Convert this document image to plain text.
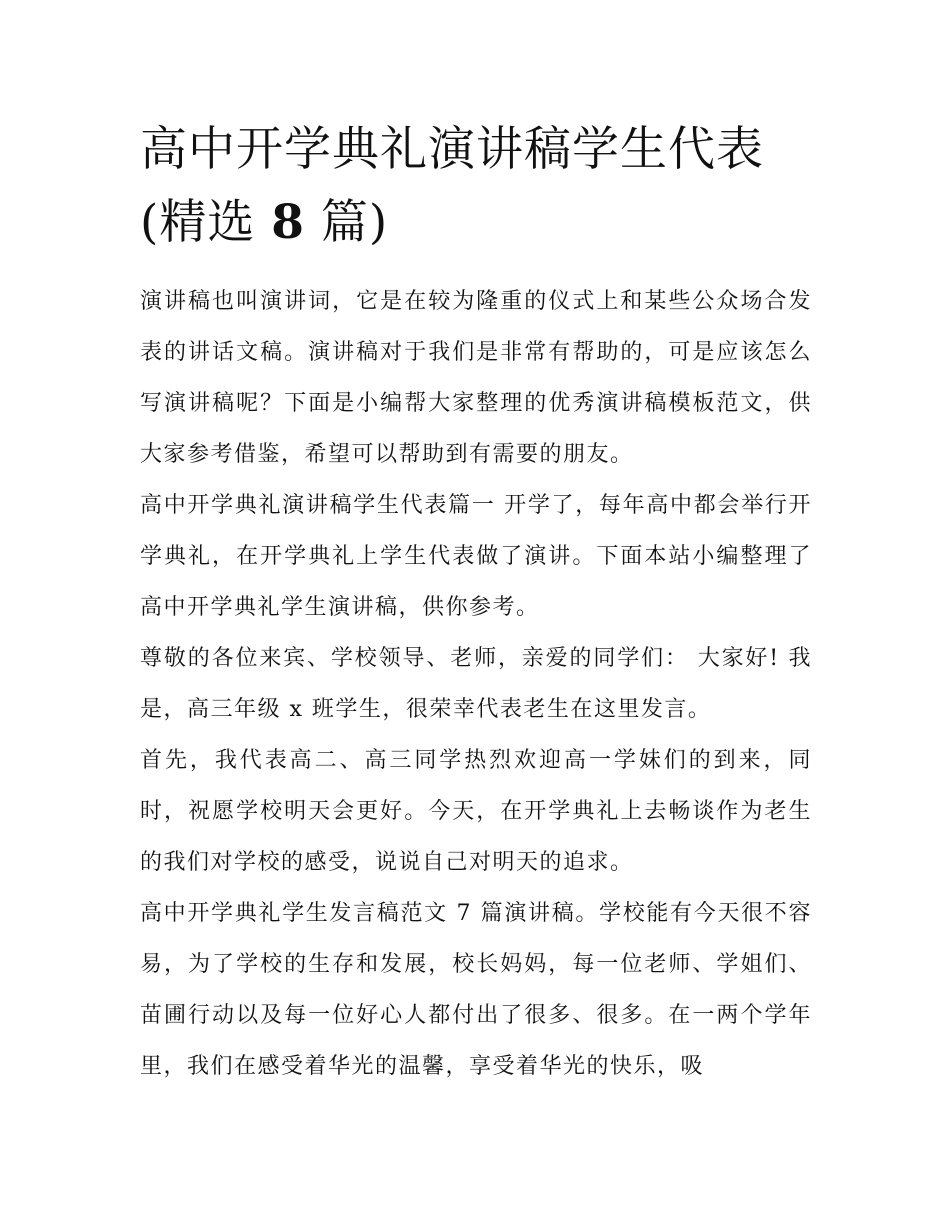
高中开学典礼演讲稿学生代表
(精选 8 篇)

演讲稿也叫演讲词，它是在较为隆重的仪式上和某些公众场合发表的讲话文稿。演讲稿对于我们是非常有帮助的，可是应该怎么写演讲稿呢？下面是小编帮大家整理的优秀演讲稿模板范文，供大家参考借鉴，希望可以帮助到有需要的朋友。

高中开学典礼演讲稿学生代表篇一 开学了，每年高中都会举行开学典礼，在开学典礼上学生代表做了演讲。下面本站小编整理了高中开学典礼学生演讲稿，供你参考。

尊敬的各位来宾、学校领导、老师，亲爱的同学们： 大家好! 我是，高三年级 x 班学生，很荣幸代表老生在这里发言。

首先，我代表高二、高三同学热烈欢迎高一学妹们的到来，同时，祝愿学校明天会更好。今天，在开学典礼上去畅谈作为老生的我们对学校的感受，说说自己对明天的追求。

高中开学典礼学生发言稿范文 7 篇演讲稿。学校能有今天很不容易，为了学校的生存和发展，校长妈妈，每一位老师、学姐们、苗圃行动以及每一位好心人都付出了很多、很多。在一两个学年里，我们在感受着华光的温馨，享受着华光的快乐，吸
